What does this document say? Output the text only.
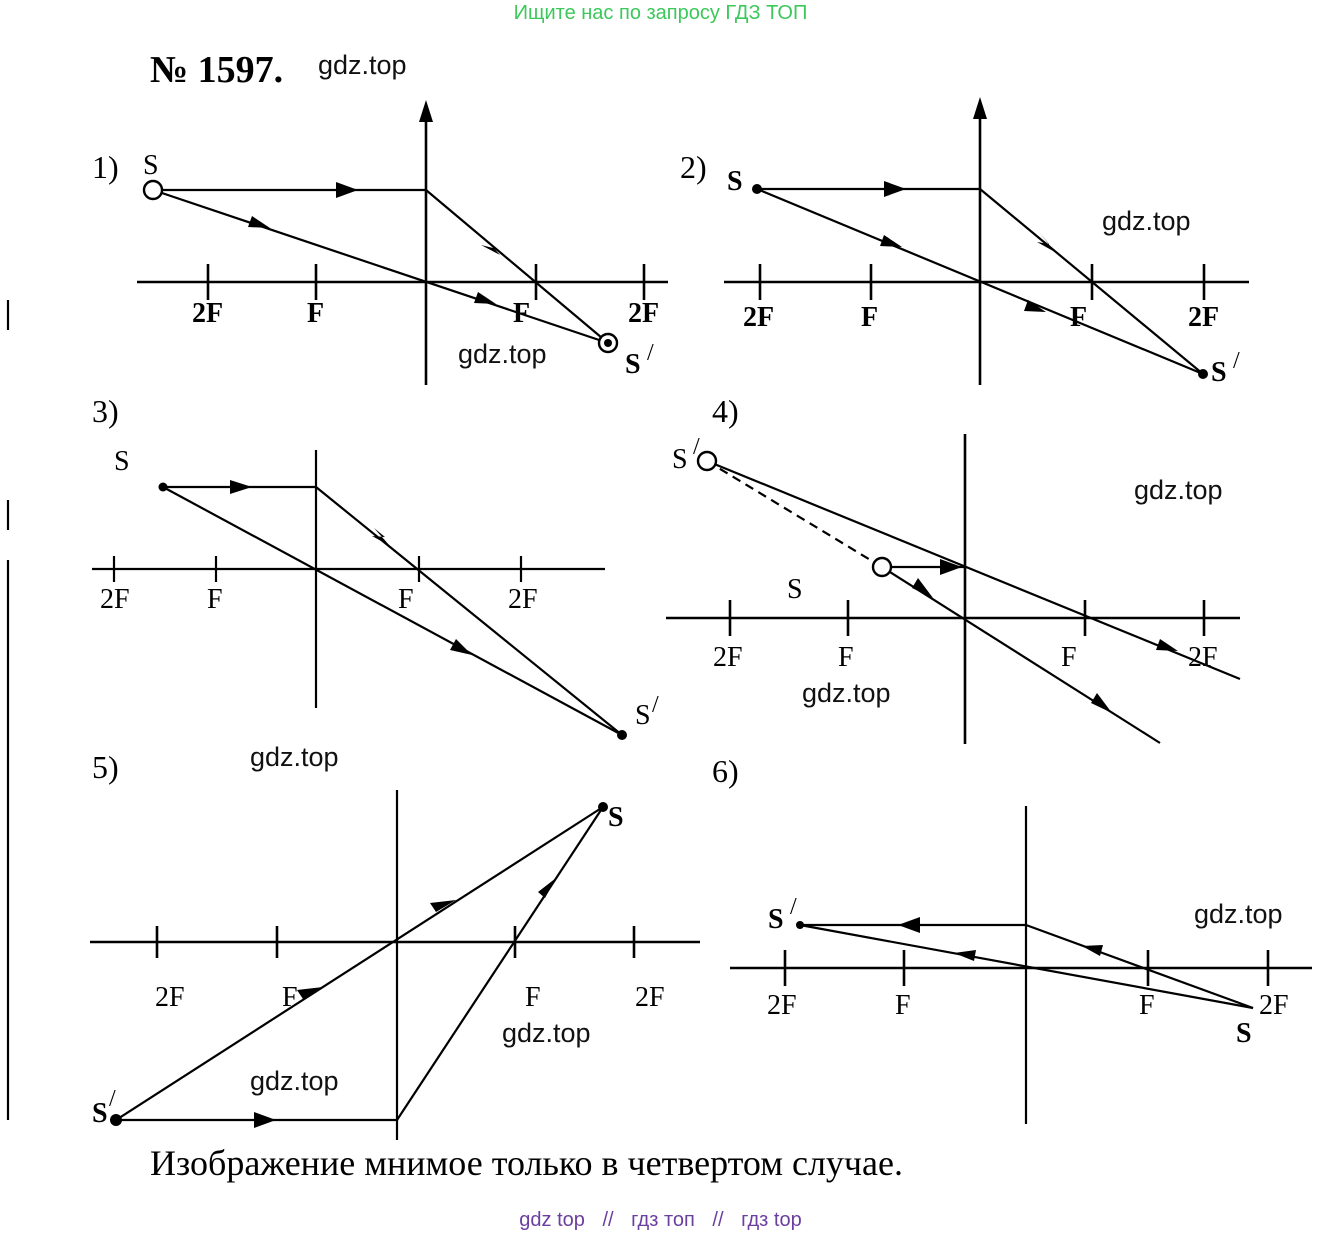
Ищите нас по запросу ГДЗ ТОП
№ 1597. gdz.top
gdz.top
gdz.top
gdz.top
gdz.top
gdz.top
gdz.top
gdz.top
gdz.top
1)
2F	F	F	2F
S
S /
2)
2F	F	F	2F
S
S /
3)
2F	F	F	2F
S
S /
4)
2F	F	F	2F
S /
S
5)
2F	F	F	2F
S /
S
6)
2F	F	F	2F
S /
S
Изображение мнимое только в четвертом случае.
gdz top // гдз топ // гдз top
